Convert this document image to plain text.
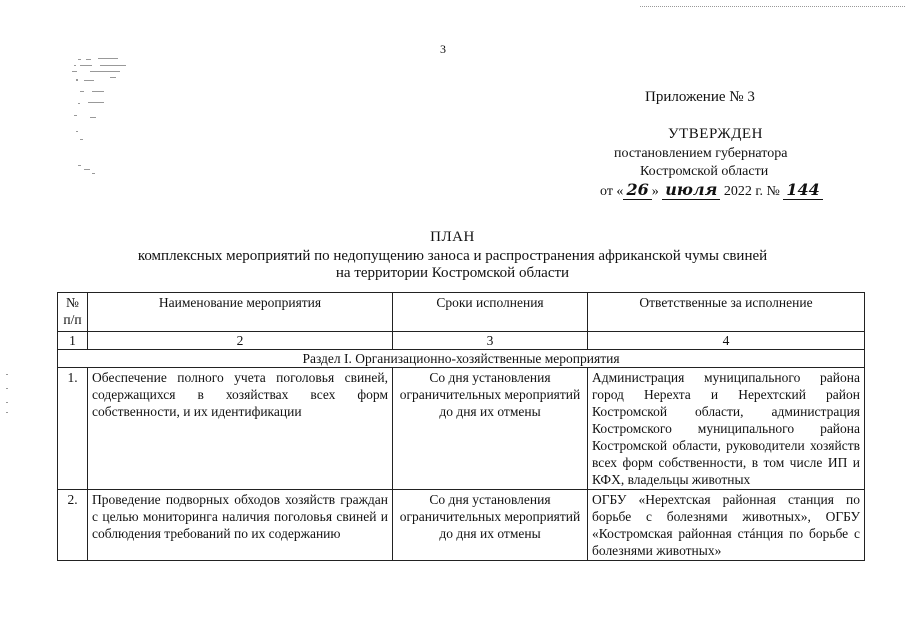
3
Приложение № 3
УТВЕРЖДЕН
постановлением губернатора
Костромской области
от « 26 » июля 2022 г. № 144
ПЛАН
комплексных мероприятий по недопущению заноса и распространения африканской чумы свиней
на территории Костромской области
№ п/п	Наименование мероприятия	Сроки исполнения	Ответственные за исполнение
1	2	3	4
Раздел I. Организационно-хозяйственные мероприятия			
1.	Обеспечение полного учета поголовья свиней, содержащихся в хозяйствах всех форм собственности, и их идентификации	Со дня установления ограничительных мероприятий до дня их отмены	Администрация муниципального района город Нерехта и Нерехтский район Костромской области, администрация Костромского муниципального района Костромской области, руководители хозяйств всех форм собственности, в том числе ИП и КФХ, владельцы животных
2.	Проведение подворных обходов хозяйств граждан с целью мониторинга наличия поголовья свиней и соблюдения требований по их содержанию	Со дня установления ограничительных мероприятий до дня их отмены	ОГБУ «Нерехтская районная станция по борьбе с болезнями животных», ОГБУ «Костромская районная стáнция по борьбе с болезнями животных»
